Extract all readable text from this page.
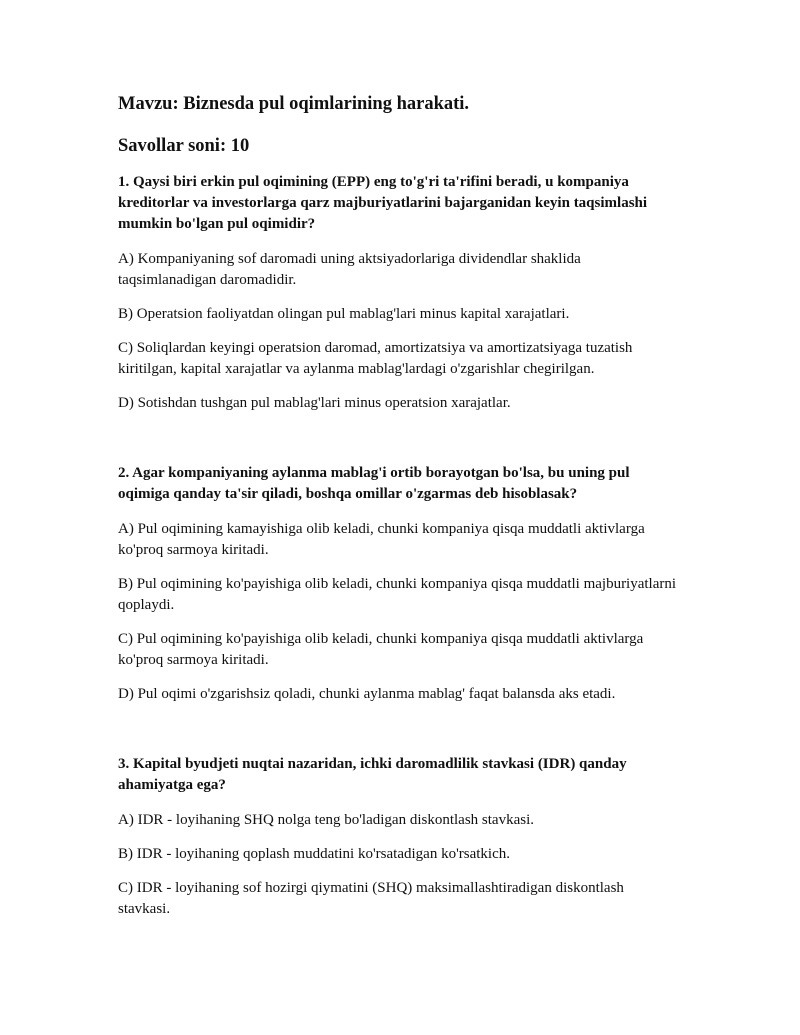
Mavzu: Biznesda pul oqimlarining harakati.
Savollar soni: 10
1. Qaysi biri erkin pul oqimining (EPP) eng to'g'ri ta'rifini beradi, u kompaniya kreditorlar va investorlarga qarz majburiyatlarini bajarganidan keyin taqsimlashi mumkin bo'lgan pul oqimidir?
A) Kompaniyaning sof daromadi uning aktsiyadorlariga dividendlar shaklida taqsimlanadigan daromadidir.
B) Operatsion faoliyatdan olingan pul mablag'lari minus kapital xarajatlari.
C) Soliqlardan keyingi operatsion daromad, amortizatsiya va amortizatsiyaga tuzatish kiritilgan, kapital xarajatlar va aylanma mablag'lardagi o'zgarishlar chegirilgan.
D) Sotishdan tushgan pul mablag'lari minus operatsion xarajatlar.
2. Agar kompaniyaning aylanma mablag'i ortib borayotgan bo'lsa, bu uning pul oqimiga qanday ta'sir qiladi, boshqa omillar o'zgarmas deb hisoblasak?
A) Pul oqimining kamayishiga olib keladi, chunki kompaniya qisqa muddatli aktivlarga ko'proq sarmoya kiritadi.
B) Pul oqimining ko'payishiga olib keladi, chunki kompaniya qisqa muddatli majburiyatlarni qoplaydi.
C) Pul oqimining ko'payishiga olib keladi, chunki kompaniya qisqa muddatli aktivlarga ko'proq sarmoya kiritadi.
D) Pul oqimi o'zgarishsiz qoladi, chunki aylanma mablag' faqat balansda aks etadi.
3. Kapital byudjeti nuqtai nazaridan, ichki daromadlilik stavkasi (IDR) qanday ahamiyatga ega?
A) IDR - loyihaning SHQ nolga teng bo'ladigan diskontlash stavkasi.
B) IDR - loyihaning qoplash muddatini ko'rsatadigan ko'rsatkich.
C) IDR - loyihaning sof hozirgi qiymatini (SHQ) maksimallashtiradigan diskontlash stavkasi.
